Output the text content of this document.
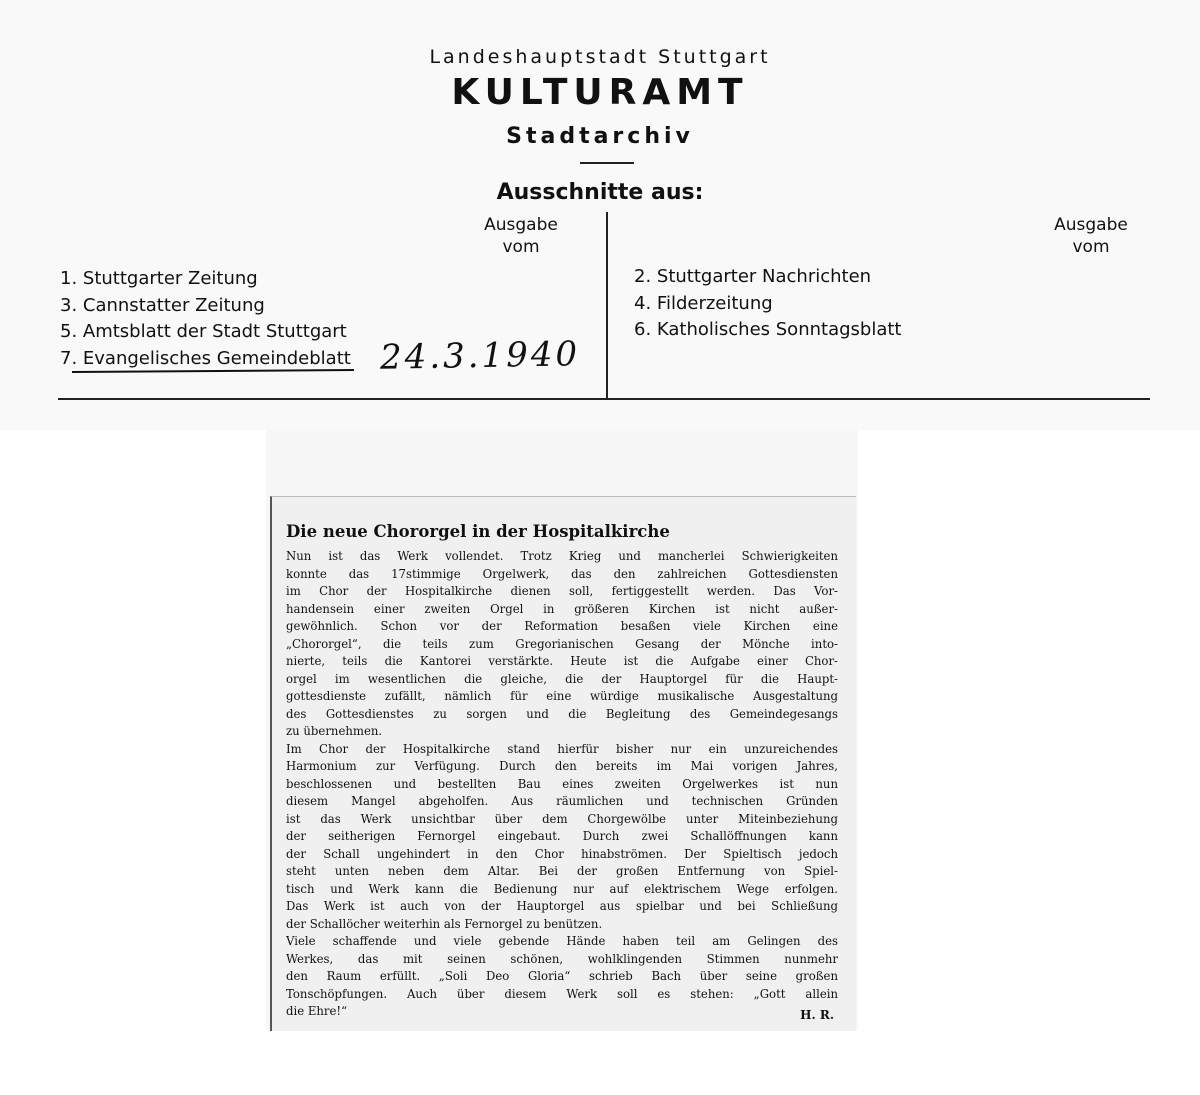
Landeshauptstadt Stuttgart
KULTURAMT
Stadtarchiv
Ausschnitte aus:
Ausgabe
vom
Ausgabe
vom
1. Stuttgarter Zeitung
3. Cannstatter Zeitung
5. Amtsblatt der Stadt Stuttgart
7. Evangelisches Gemeindeblatt
2. Stuttgarter Nachrichten
4. Filderzeitung
6. Katholisches Sonntagsblatt
24.3.1940
Die neue Chororgel in der Hospitalkirche
Nun ist das Werk vollendet. Trotz Krieg und mancherlei Schwierigkeiten
konnte das 17stimmige Orgelwerk, das den zahlreichen Gottesdiensten
im Chor der Hospitalkirche dienen soll, fertiggestellt werden. Das Vor-
handensein einer zweiten Orgel in größeren Kirchen ist nicht außer-
gewöhnlich. Schon vor der Reformation besaßen viele Kirchen eine
„Chororgel“, die teils zum Gregorianischen Gesang der Mönche into-
nierte, teils die Kantorei verstärkte. Heute ist die Aufgabe einer Chor-
orgel im wesentlichen die gleiche, die der Hauptorgel für die Haupt-
gottesdienste zufällt, nämlich für eine würdige musikalische Ausgestaltung
des Gottesdienstes zu sorgen und die Begleitung des Gemeindegesangs
zu übernehmen.
Im Chor der Hospitalkirche stand hierfür bisher nur ein unzureichendes
Harmonium zur Verfügung. Durch den bereits im Mai vorigen Jahres,
beschlossenen und bestellten Bau eines zweiten Orgelwerkes ist nun
diesem Mangel abgeholfen. Aus räumlichen und technischen Gründen
ist das Werk unsichtbar über dem Chorgewölbe unter Miteinbeziehung
der seitherigen Fernorgel eingebaut. Durch zwei Schallöffnungen kann
der Schall ungehindert in den Chor hinabströmen. Der Spieltisch jedoch
steht unten neben dem Altar. Bei der großen Entfernung von Spiel-
tisch und Werk kann die Bedienung nur auf elektrischem Wege erfolgen.
Das Werk ist auch von der Hauptorgel aus spielbar und bei Schließung
der Schallöcher weiterhin als Fernorgel zu benützen.
Viele schaffende und viele gebende Hände haben teil am Gelingen des
Werkes, das mit seinen schönen, wohlklingenden Stimmen nunmehr
den Raum erfüllt. „Soli Deo Gloria“ schrieb Bach über seine großen
Tonschöpfungen. Auch über diesem Werk soll es stehen: „Gott allein
die Ehre!“	H. R.
